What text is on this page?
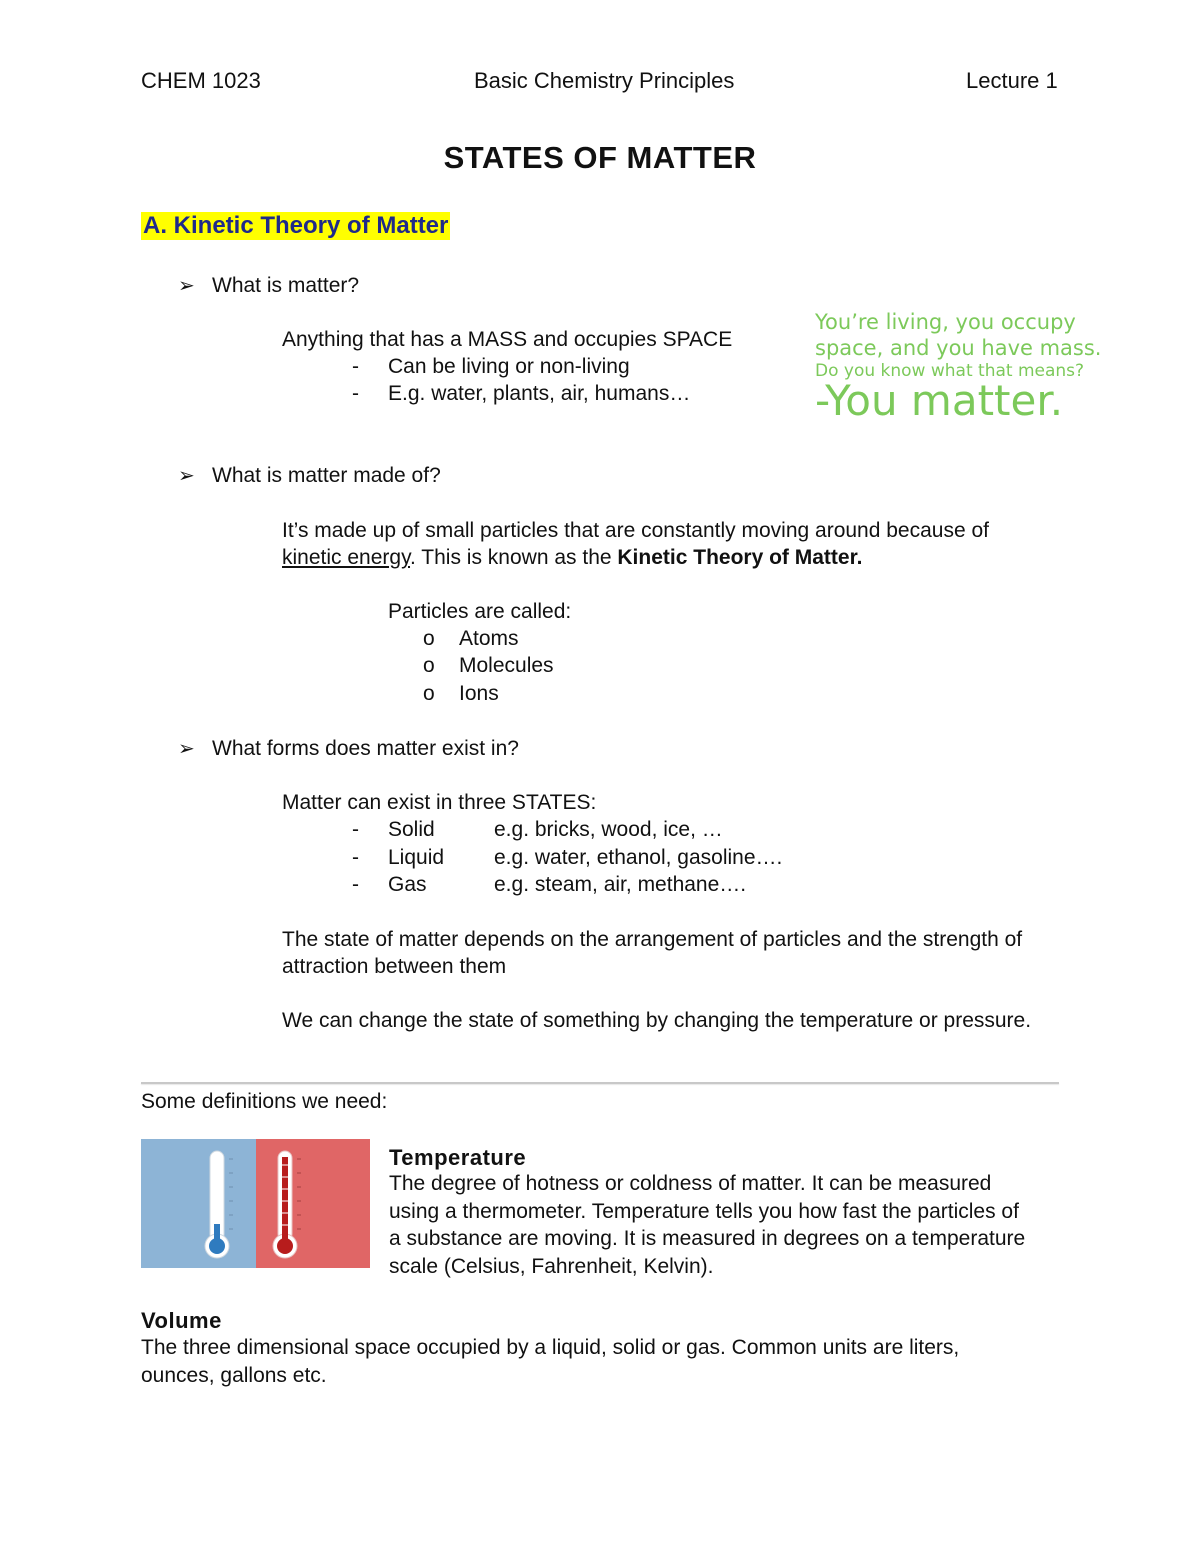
CHEM 1023	Basic Chemistry Principles	Lecture 1
STATES OF MATTER
A. Kinetic Theory of Matter
➢ What is matter?
Anything that has a MASS and occupies SPACE
- Can be living or non-living
- E.g. water, plants, air, humans…
You’re living, you occupy
space, and you have mass.
Do you know what that means?
-You matter.
➢ What is matter made of?
It’s made up of small particles that are constantly moving around because of
kinetic energy. This is known as the Kinetic Theory of Matter.
Particles are called:
o Atoms
o Molecules
o Ions
➢ What forms does matter exist in?
Matter can exist in three STATES:
- Solid	e.g. bricks, wood, ice, …
- Liquid e.g. water, ethanol, gasoline….
- Gas	e.g. steam, air, methane….
The state of matter depends on the arrangement of particles and the strength of
attraction between them
We can change the state of something by changing the temperature or pressure.
Some definitions we need:
Temperature
The degree of hotness or coldness of matter. It can be measured
using a thermometer. Temperature tells you how fast the particles of
a substance are moving. It is measured in degrees on a temperature
scale (Celsius, Fahrenheit, Kelvin).
Volume
The three dimensional space occupied by a liquid, solid or gas. Common units are liters,
ounces, gallons etc.
